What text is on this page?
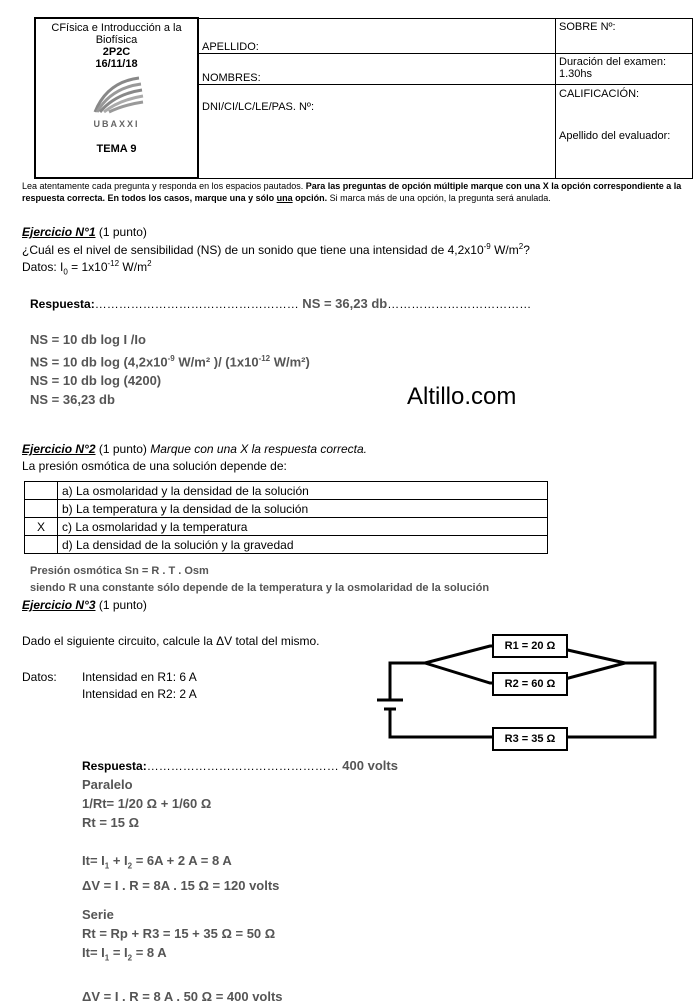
CFísica e Introducción a la Biofísica
2P2C
16/11/18
UBAXXI
TEMA 9	APELLIDO:	SOBRE Nº:
	NOMBRES:	Duración del examen:
1.30hs

	DNI/CI/LC/LE/PAS. Nº:	CALIFICACIÓN:
Apellido del evaluador:
Lea atentamente cada pregunta y responda en los espacios pautados. Para las preguntas de opción múltiple marque con una X la opción correspondiente a la respuesta correcta. En todos los casos, marque una y sólo una opción. Si marca más de una opción, la pregunta será anulada.
Altillo.com
Ejercicio N°1 (1 punto)
¿Cuál es el nivel de sensibilidad (NS) de un sonido que tiene una intensidad de $4,2x10^{-9}$ $W/m^2$?
Datos: $I_0 = 1x10^{-12}$ $W/m^2$
Respuesta:…………………………………………… NS = 36,23 db………………………………
NS = 10 db log I /Io
NS = 10 db $\log (4,2x10^{-9}$ W/m² )/ ($1x10^{-12}$ W/m²)
NS = 10 db log (4200)
NS = 36,23 db
Ejercicio N°2 (1 punto) Marque con una X la respuesta correcta.
La presión osmótica de una solución depende de:
	a) La osmolaridad y la densidad de la solución
	b) La temperatura y la densidad de la solución
X	c) La osmolaridad y la temperatura
	d) La densidad de la solución y la gravedad
Presión osmótica Sn = R . T . Osm
siendo R una constante sólo depende de la temperatura y la osmolaridad de la solución
Ejercicio N°3 (1 punto)
Dado el siguiente circuito, calcule la ΔV total del mismo.
Datos: Intensidad en R1: 6 A
Intensidad en R2: 2 A
R1 = 20 Ω
R2 = 60 Ω
R3 = 35 Ω
Respuesta:………………………………………… 400 volts
Paralelo
1/Rt= 1/20 Ω + 1/60 Ω
Rt = 15 Ω
$It= I_1 + I_2 = 6A + 2$ A = 8 A
ΔV = I . R = 8A . 15 Ω = 120 volts
Serie
Rt = Rp + R3 = 15 + 35 Ω = 50 Ω
$It= I_1 = I_2 = 8$ A
ΔV = I . R = 8 A . 50 Ω = 400 volts
